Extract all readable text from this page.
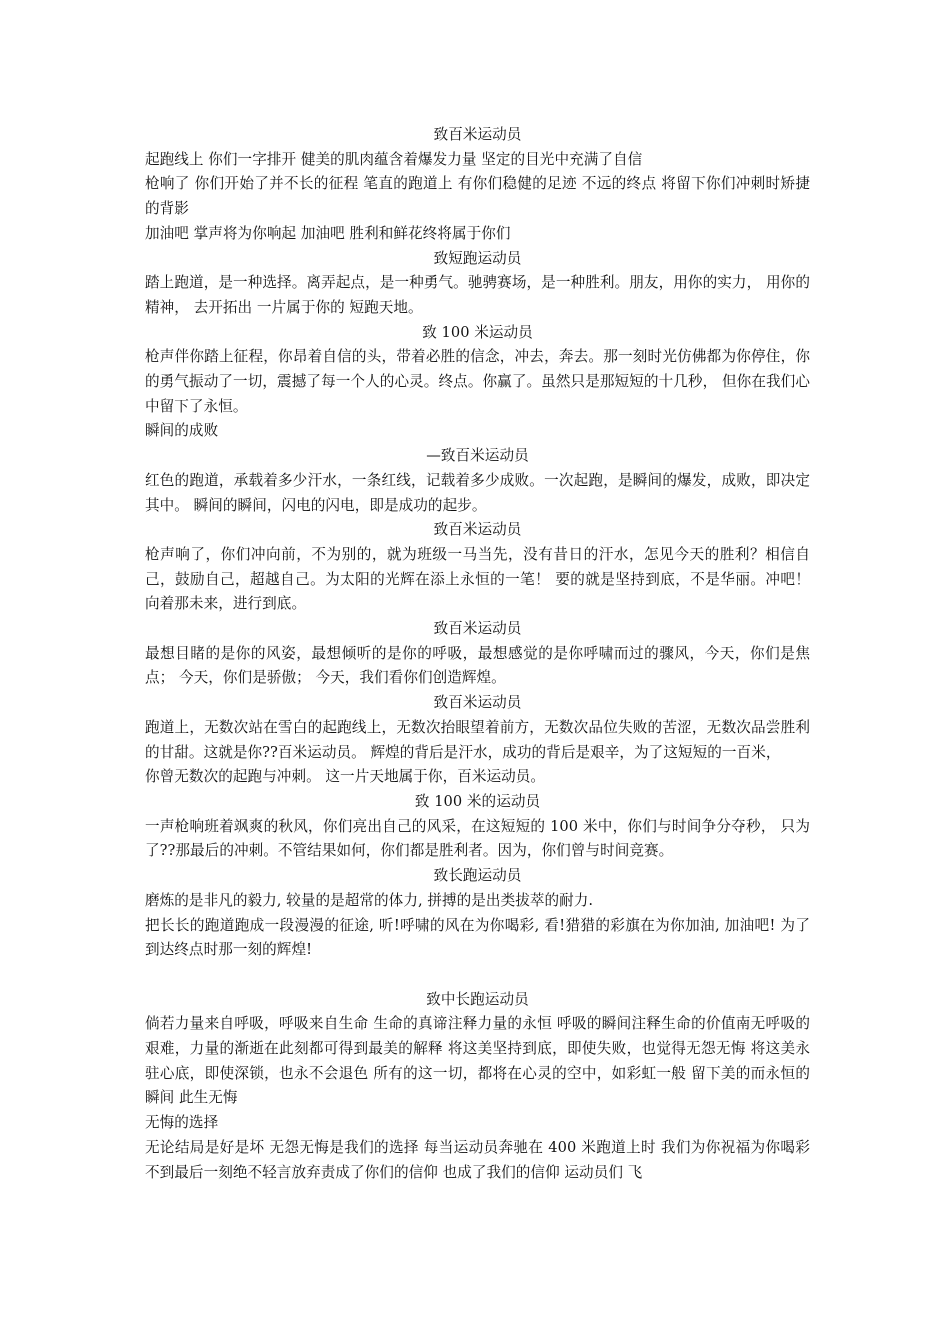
致百米运动员

起跑线上 你们一字排开 健美的肌肉蕴含着爆发力量 坚定的目光中充满了自信

枪响了 你们开始了并不长的征程 笔直的跑道上 有你们稳健的足迹 不远的终点 将留下你们冲刺时矫捷的背影

加油吧 掌声将为你响起 加油吧 胜利和鲜花终将属于你们

致短跑运动员

踏上跑道，是一种选择。离弄起点，是一种勇气。驰骋赛场，是一种胜利。朋友，用你的实力， 用你的精神， 去开拓出 一片属于你的 短跑天地。

致 100 米运动员

枪声伴你踏上征程，你昂着自信的头，带着必胜的信念，冲去，奔去。那一刻时光仿佛都为你停住，你的勇气振动了一切，震撼了每一个人的心灵。终点。你赢了。虽然只是那短短的十几秒， 但你在我们心中留下了永恒。

瞬间的成败

—致百米运动员

红色的跑道，承载着多少汗水，一条红线，记载着多少成败。一次起跑，是瞬间的爆发，成败，即决定其中。 瞬间的瞬间，闪电的闪电，即是成功的起步。

致百米运动员

枪声响了，你们冲向前，不为别的，就为班级一马当先，没有昔日的汗水，怎见今天的胜利？相信自己，鼓励自己，超越自己。为太阳的光辉在添上永恒的一笔！ 要的就是坚持到底，不是华丽。冲吧！ 向着那未来，进行到底。

致百米运动员

最想目睹的是你的风姿，最想倾听的是你的呼吸，最想感觉的是你呼啸而过的骤风，今天，你们是焦点； 今天，你们是骄傲； 今天，我们看你们创造辉煌。

致百米运动员

跑道上，无数次站在雪白的起跑线上，无数次抬眼望着前方，无数次品位失败的苦涩，无数次品尝胜利的甘甜。这就是你??百米运动员。 辉煌的背后是汗水，成功的背后是艰辛，为了这短短的一百米，

你曾无数次的起跑与冲刺。 这一片天地属于你，百米运动员。

致 100 米的运动员

一声枪响班着飒爽的秋风，你们亮出自己的风采，在这短短的 100 米中，你们与时间争分夺秒， 只为了??那最后的冲刺。不管结果如何，你们都是胜利者。因为，你们曾与时间竞赛。

致长跑运动员

磨炼的是非凡的毅力, 较量的是超常的体力, 拼搏的是出类拔萃的耐力.

把长长的跑道跑成一段漫漫的征途, 听!呼啸的风在为你喝彩, 看!猎猎的彩旗在为你加油, 加油吧! 为了到达终点时那一刻的辉煌!

致中长跑运动员

倘若力量来自呼吸，呼吸来自生命 生命的真谛注释力量的永恒 呼吸的瞬间注释生命的价值南无呼吸的艰难，力量的渐逝在此刻都可得到最美的解释 将这美坚持到底，即使失败，也觉得无怨无悔 将这美永驻心底，即使深锁，也永不会退色 所有的这一切，都将在心灵的空中，如彩虹一般 留下美的而永恒的瞬间 此生无悔

无悔的选择

无论结局是好是坏 无怨无悔是我们的选择 每当运动员奔驰在 400 米跑道上时 我们为你祝福为你喝彩 不到最后一刻绝不轻言放弃责成了你们的信仰 也成了我们的信仰 运动员们 飞
